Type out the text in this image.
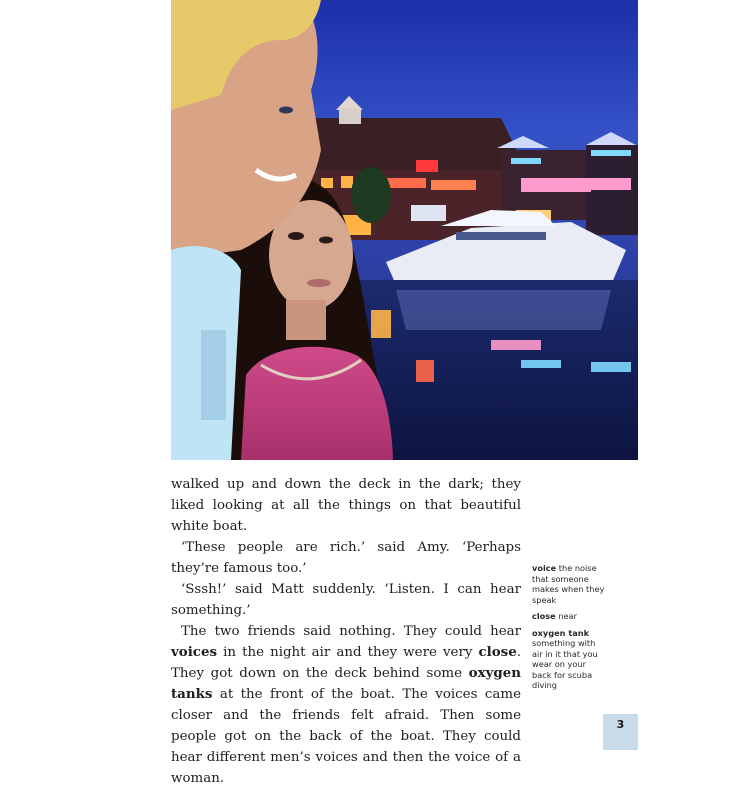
walked up and down the deck in the dark; they liked looking at all the things on that beautiful white boat.

‘These people are rich.’ said Amy. ‘Perhaps they’re famous too.’

‘Sssh!’ said Matt suddenly. ‘Listen. I can hear something.’

The two friends said nothing. They could hear voices in the night air and they were very close. They got down on the deck behind some oxygen tanks at the front of the boat. The voices came closer and the friends felt afraid. Then some people got on the back of the boat. They could hear different men’s voices and then the voice of a woman.

voice the noise that someone makes when they speak
close near
oxygen tank something with air in it that you wear on your back for scuba diving
3
